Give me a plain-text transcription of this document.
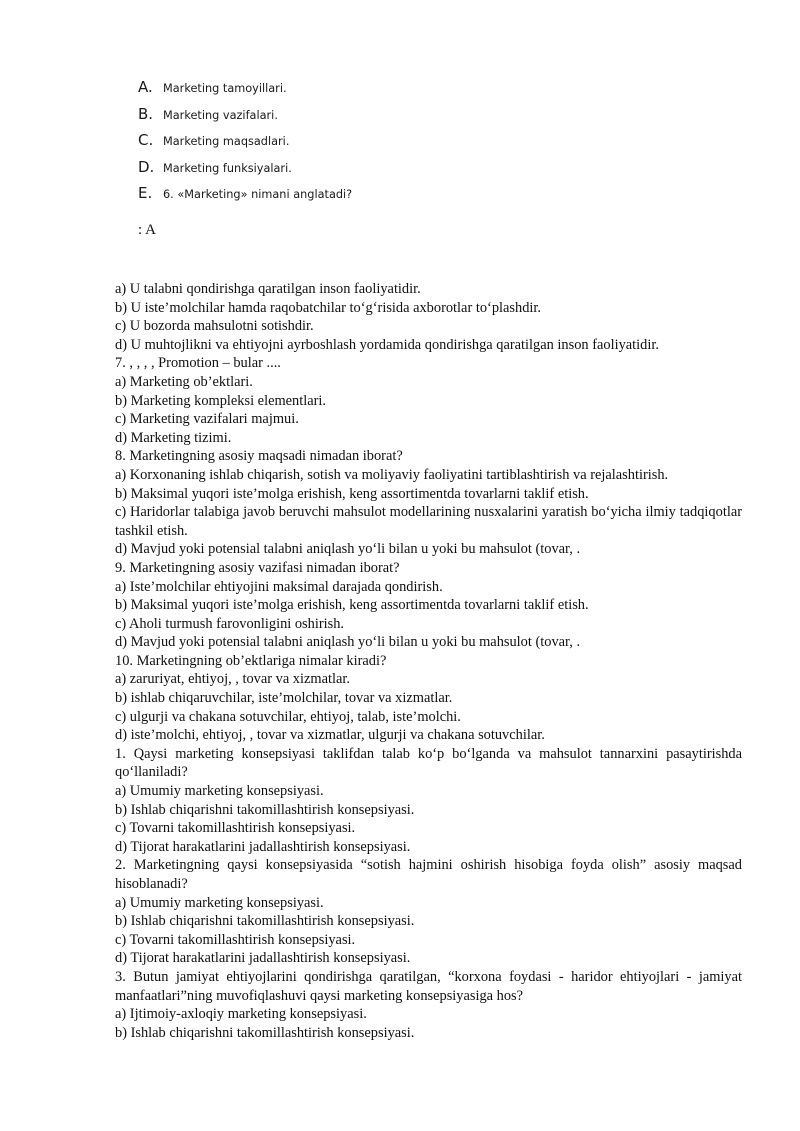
A. Marketing tamoyillari.
B. Marketing vazifalari.
C. Marketing maqsadlari.
D. Marketing funksiyalari.
E. 6. «Marketing» nimani anglatadi?
: A
a) U talabni qondirishga qaratilgan inson faoliyatidir.
b) U iste’molchilar hamda raqobatchilar to‘g‘risida axborotlar to‘plashdir.
c) U bozorda mahsulotni sotishdir.
d) U muhtojlikni va ehtiyojni ayrboshlash yordamida qondirishga qaratilgan inson faoliyatidir.
7. , , , , Promotion – bular ....
a) Marketing ob’ektlari.
b) Marketing kompleksi elementlari.
c) Marketing vazifalari majmui.
d) Marketing tizimi.
8. Marketingning asosiy maqsadi nimadan iborat?
a) Korxonaning ishlab chiqarish, sotish va moliyaviy faoliyatini tartiblashtirish va rejalashtirish.
b) Maksimal yuqori iste’molga erishish, keng assortimentda tovarlarni taklif etish.
c) Haridorlar talabiga javob beruvchi mahsulot modellarining nusxalarini yaratish bo‘yicha ilmiy tadqiqotlar tashkil etish.
d) Mavjud yoki potensial talabni aniqlash yo‘li bilan u yoki bu mahsulot (tovar, .
9. Marketingning asosiy vazifasi nimadan iborat?
a) Iste’molchilar ehtiyojini maksimal darajada qondirish.
b) Maksimal yuqori iste’molga erishish, keng assortimentda tovarlarni taklif etish.
c) Aholi turmush farovonligini oshirish.
d) Mavjud yoki potensial talabni aniqlash yo‘li bilan u yoki bu mahsulot (tovar, .
10. Marketingning ob’ektlariga nimalar kiradi?
a) zaruriyat, ehtiyoj, , tovar va xizmatlar.
b) ishlab chiqaruvchilar, iste’molchilar, tovar va xizmatlar.
c) ulgurji va chakana sotuvchilar, ehtiyoj, talab, iste’molchi.
d) iste’molchi, ehtiyoj, , tovar va xizmatlar, ulgurji va chakana sotuvchilar.
1. Qaysi marketing konsepsiyasi taklifdan talab ko‘p bo‘lganda va mahsulot tannarxini pasaytirishda qo‘llaniladi?
a) Umumiy marketing konsepsiyasi.
b) Ishlab chiqarishni takomillashtirish konsepsiyasi.
c) Tovarni takomillashtirish konsepsiyasi.
d) Tijorat harakatlarini jadallashtirish konsepsiyasi.
2. Marketingning qaysi konsepsiyasida “sotish hajmini oshirish hisobiga foyda olish” asosiy maqsad hisoblanadi?
a) Umumiy marketing konsepsiyasi.
b) Ishlab chiqarishni takomillashtirish konsepsiyasi.
c) Tovarni takomillashtirish konsepsiyasi.
d) Tijorat harakatlarini jadallashtirish konsepsiyasi.
3. Butun jamiyat ehtiyojlarini qondirishga qaratilgan, “korxona foydasi - haridor ehtiyojlari - jamiyat manfaatlari”ning muvofiqlashuvi qaysi marketing konsepsiyasiga hos?
a) Ijtimoiy-axloqiy marketing konsepsiyasi.
b) Ishlab chiqarishni takomillashtirish konsepsiyasi.
